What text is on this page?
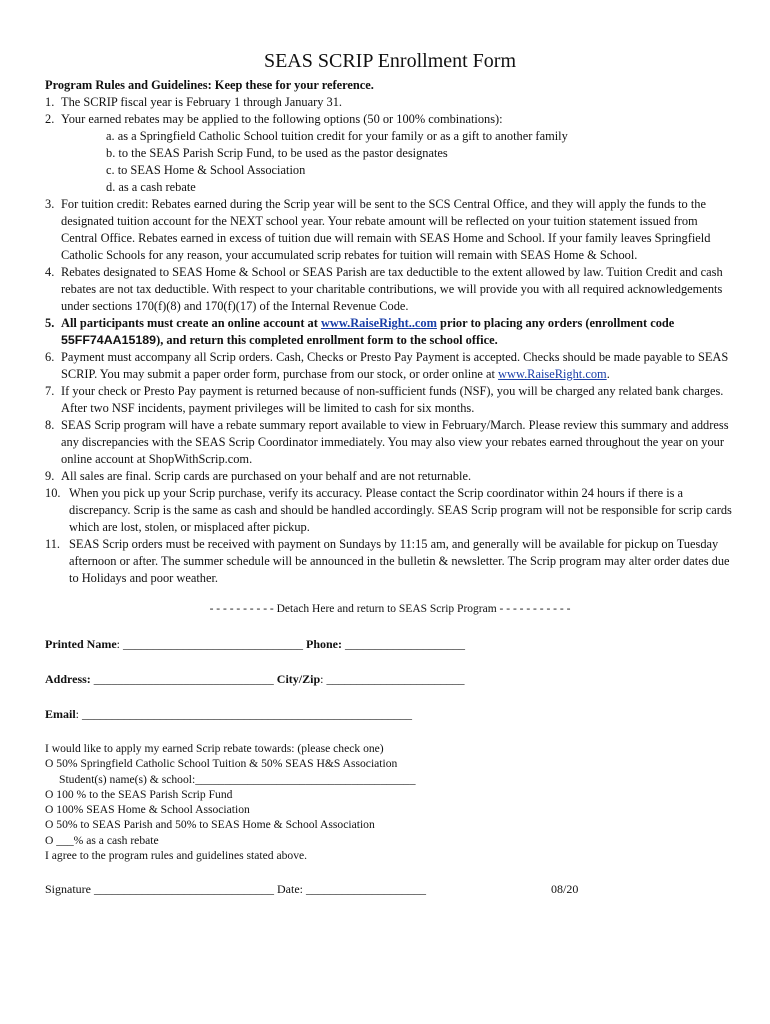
SEAS SCRIP Enrollment Form
Program Rules and Guidelines: Keep these for your reference.
1. The SCRIP fiscal year is February 1 through January 31.
2. Your earned rebates may be applied to the following options (50 or 100% combinations):
a. as a Springfield Catholic School tuition credit for your family or as a gift to another family
b. to the SEAS Parish Scrip Fund, to be used as the pastor designates
c. to SEAS Home & School Association
d. as a cash rebate
3. For tuition credit: Rebates earned during the Scrip year will be sent to the SCS Central Office, and they will apply the funds to the designated tuition account for the NEXT school year. Your rebate amount will be reflected on your tuition statement issued from Central Office. Rebates earned in excess of tuition due will remain with SEAS Home and School. If your family leaves Springfield Catholic Schools for any reason, your accumulated scrip rebates for tuition will remain with SEAS Home & School.
4. Rebates designated to SEAS Home & School or SEAS Parish are tax deductible to the extent allowed by law. Tuition Credit and cash rebates are not tax deductible. With respect to your charitable contributions, we will provide you with all required acknowledgements under sections 170(f)(8) and 170(f)(17) of the Internal Revenue Code.
5. All participants must create an online account at www.RaiseRight..com prior to placing any orders (enrollment code 55FF74AA15189), and return this completed enrollment form to the school office.
6. Payment must accompany all Scrip orders. Cash, Checks or Presto Pay Payment is accepted. Checks should be made payable to SEAS SCRIP. You may submit a paper order form, purchase from our stock, or order online at www.RaiseRight.com.
7. If your check or Presto Pay payment is returned because of non-sufficient funds (NSF), you will be charged any related bank charges. After two NSF incidents, payment privileges will be limited to cash for six months.
8. SEAS Scrip program will have a rebate summary report available to view in February/March. Please review this summary and address any discrepancies with the SEAS Scrip Coordinator immediately. You may also view your rebates earned throughout the year on your online account at ShopWithScrip.com.
9. All sales are final. Scrip cards are purchased on your behalf and are not returnable.
10. When you pick up your Scrip purchase, verify its accuracy. Please contact the Scrip coordinator within 24 hours if there is a discrepancy. Scrip is the same as cash and should be handled accordingly. SEAS Scrip program will not be responsible for scrip cards which are lost, stolen, or misplaced after pickup.
11. SEAS Scrip orders must be received with payment on Sundays by 11:15 am, and generally will be available for pickup on Tuesday afternoon or after. The summer schedule will be announced in the bulletin & newsletter. The Scrip program may alter order dates due to Holidays and poor weather.
- - - - - - - - - - Detach Here and return to SEAS Scrip Program - - - - - - - - - - -
Printed Name: ______________________________ Phone: ____________________
Address: ______________________________ City/Zip: _______________________
Email: _______________________________________________________
I would like to apply my earned Scrip rebate towards: (please check one)
O 50% Springfield Catholic School Tuition & 50% SEAS H&S Association
Student(s) name(s) & school:______________________________________
O 100 % to the SEAS Parish Scrip Fund
O 100% SEAS Home & School Association
O 50% to SEAS Parish and 50% to SEAS Home & School Association
O ___% as a cash rebate
I agree to the program rules and guidelines stated above.
Signature ______________________________ Date: ____________________	08/20
